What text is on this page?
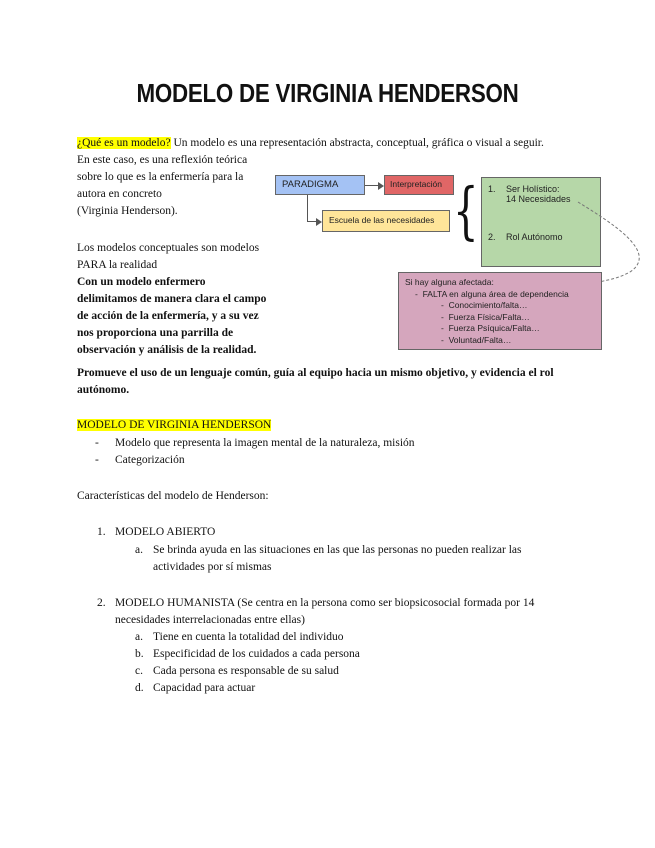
MODELO DE VIRGINIA HENDERSON
¿Qué es un modelo? Un modelo es una representación abstracta, conceptual, gráfica o visual a seguir.
En este caso, es una reflexión teórica
sobre lo que es la enfermería para la
autora en concreto
(Virginia Henderson).
Los modelos conceptuales son modelos
PARA la realidad
Con un modelo enfermero
delimitamos de manera clara el campo
de acción de la enfermería, y a su vez
nos proporciona una parrilla de
observación y análisis de la realidad.
Promueve el uso de un lenguaje común, guía al equipo hacia un mismo objetivo, y evidencia el rol
autónomo.
PARADIGMA	Interpretación
Escuela de las necesidades { 1.	Ser Holístico:
14 Necesidades
2.	Rol Autónomo
Si hay alguna afectada:
-  FALTA en alguna área de dependencia
-  Conocimiento/falta…
-  Fuerza Física/Falta…
-  Fuerza Psíquica/Falta…
-  Voluntad/Falta…
MODELO DE VIRGINIA HENDERSON
-	Modelo que representa la imagen mental de la naturaleza, misión
-	Categorización
Características del modelo de Henderson:
1. MODELO ABIERTO
a. Se brinda ayuda en las situaciones en las que las personas no pueden realizar las
actividades por sí mismas
2. MODELO HUMANISTA (Se centra en la persona como ser biopsicosocial formada por 14
necesidades interrelacionadas entre ellas)
a. Tiene en cuenta la totalidad del individuo
b. Especificidad de los cuidados a cada persona
c. Cada persona es responsable de su salud
d. Capacidad para actuar
